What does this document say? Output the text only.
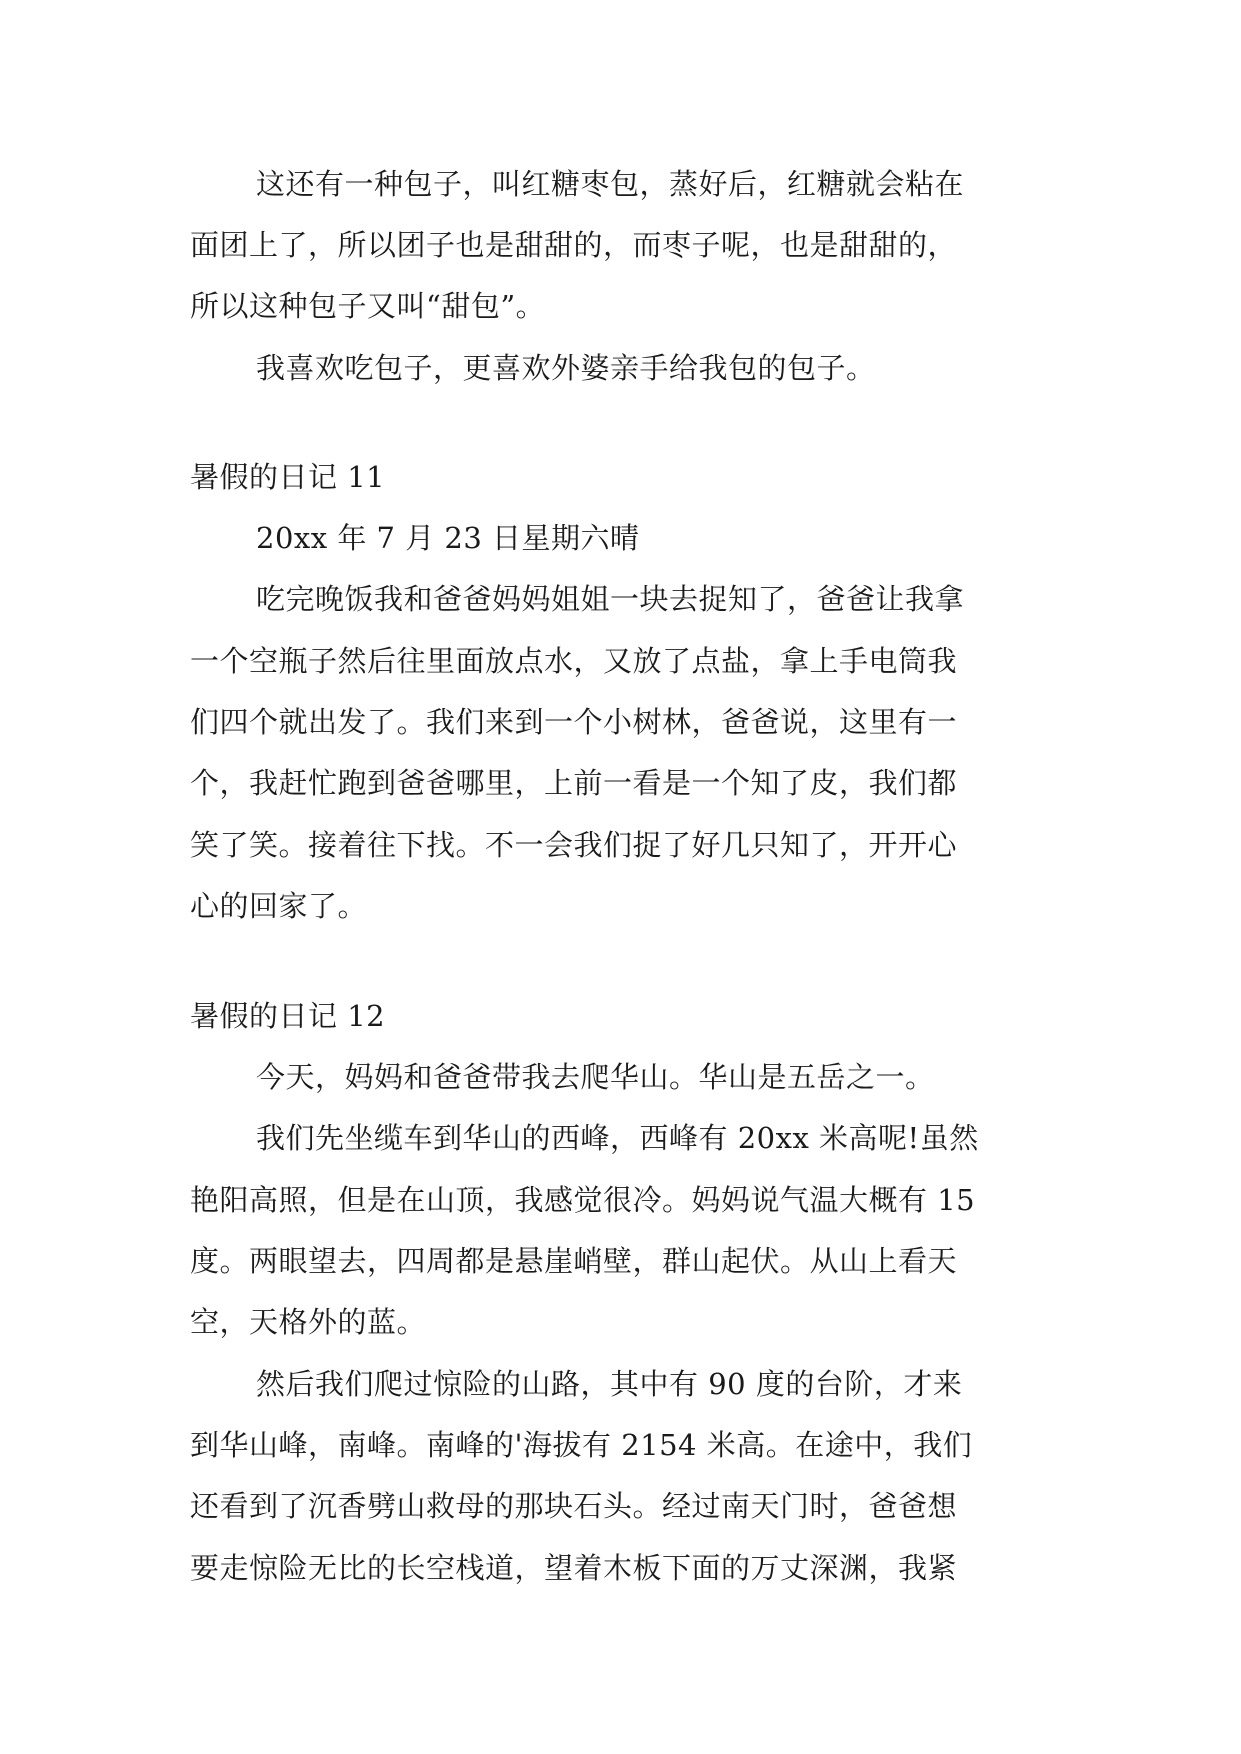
这还有一种包子，叫红糖枣包，蒸好后，红糖就会粘在
面团上了，所以团子也是甜甜的，而枣子呢，也是甜甜的，
所以这种包子又叫“甜包”。
我喜欢吃包子，更喜欢外婆亲手给我包的包子。
暑假的日记 11
20xx 年 7 月 23 日星期六晴
吃完晚饭我和爸爸妈妈姐姐一块去捉知了，爸爸让我拿
一个空瓶子然后往里面放点水，又放了点盐，拿上手电筒我
们四个就出发了。我们来到一个小树林，爸爸说，这里有一
个，我赶忙跑到爸爸哪里，上前一看是一个知了皮，我们都
笑了笑。接着往下找。不一会我们捉了好几只知了，开开心
心的回家了。
暑假的日记 12
今天，妈妈和爸爸带我去爬华山。华山是五岳之一。
我们先坐缆车到华山的西峰，西峰有 20xx 米高呢!虽然
艳阳高照，但是在山顶，我感觉很冷。妈妈说气温大概有 15
度。两眼望去，四周都是悬崖峭壁，群山起伏。从山上看天
空，天格外的蓝。
然后我们爬过惊险的山路，其中有 90 度的台阶，才来
到华山峰，南峰。南峰的'海拔有 2154 米高。在途中，我们
还看到了沉香劈山救母的那块石头。经过南天门时，爸爸想
要走惊险无比的长空栈道，望着木板下面的万丈深渊，我紧
